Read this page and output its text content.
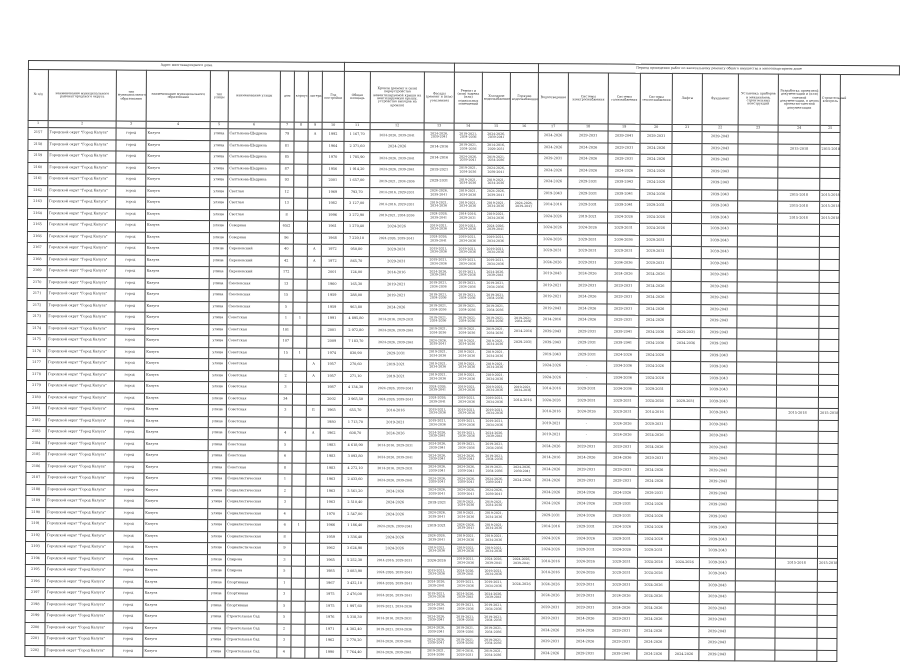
Адрес многоквартирного дома																Период проведения работ по капитальному ремонту общего имущества в многоквартирном доме								
№ п/п	наименование муниципального района/городского округа	тип муниципального образования	наименование муниципального образования	тип улицы	наименование улицы	дом	корпус	литера	Год постройки	Общая площадь	Кровли (ремонт и (или) переустройство невентилируемой крыши на вентилируемую крышу, устройство выходов на кровлю)	Фасады (ремонт и (или) утепление)	Ремонт и (или) замена (или) подвальных помещений	Холодное водоснабжение	Горячее водоснабжение	Водоотведение	Системы электроснабжения	Системы газоснабжения	Системы теплоснабжения	Лифты	Фундамент	Установка приборов и механизмов, строительных конструкций	Разработка проектной документации и (или) сметной документации, в целях проектно-сметной документации	Строительный контроль
1	2	3	4	5	6	7	8	9	10	11	12	13	14	15	16	17	18	19	20	21	22	23	24	25
2157	Городской округ "Город Калуга"	город	Калуга	улица	Салтыкова-Щедрина	79		А	1992	1 167,70	2024-2026, 2039-2041	2024-2026, 2039-2041	2019-2021, 2034-2036	2024-2026, 2039-2041		2024-2026	2029-2031	2039-2041	2029-2031		2039-2043			
2158	Городской округ "Город Калуга"	город	Калуга	улица	Салтыкова-Щедрина	81			1964	2 371,60	2024-2026	2014-2016	2019-2021, 2034-2036	2014-2016, 2029-2031		2024-2026	2024-2026	2029-2031	2024-2026		2039-2043		2015-2018	2015-2018
2159	Городской округ "Город Калуга"	город	Калуга	улица	Салтыкова-Щедрина	85			1970	1 785,90	2024-2026, 2039-2041	2014-2016	2024-2026, 2039-2041	2019-2021, 2034-2036		2029-2031	2024-2026	2029-2031	2024-2026		2039-2043			
2160	Городской округ "Город Калуга"	город	Калуга	улица	Салтыкова-Щедрина	87			1956	1 914,20	2024-2026, 2039-2041	2019-2021	2019-2021, 2034-2036	2024-2026, 2039-2041		2024-2026	2024-2026	2024-2026	2024-2026		2039-2043			
2161	Городской округ "Город Калуга"	город	Калуга	улица	Салтыкова-Щедрина	93			2001	1 657,00	2019-2021, 2034-2036	2029-2031	2019-2021, 2034-2036	2019-2021, 2034-2036		2024-2026	2029-2031	2039-2043	2024-2026		2039-2043			
2162	Городской округ "Город Калуга"	город	Калуга	улица	Светлая	12			1969	793,70	2014-2016, 2029-2031	2024-2026, 2039-2041	2019-2021, 2034-2036	2024-2026, 2039-2041		2019-2043	2029-2031	2039-2041	2034-2036		2039-2043		2015-2018	2015-2018
2163	Городской округ "Город Калуга"	город	Калуга	улица	Светлая	13			1982	3 127,00	2014-2016, 2029-2031	2019-2021, 2034-2036	2019-2021, 2034-2036	2019-2021, 2034-2036	2024-2026, 2039-2041	2014-2016	2029-2031	2039-2041	2029-2031		2039-2043		2015-2018	2015-2018
2164	Городской округ "Город Калуга"	город	Калуга	улица	Светлая	8			1996	3 272,90	2019-2021, 2034-2036	2024-2026, 2039-2041	2014-2016, 2029-2031	2019-2021, 2034-2036		2024-2026	2019-2021	2024-2026	2024-2026		2039-2043		2015-2018	2015-2018
2165	Городской округ "Город Калуга"	город	Калуга	улица	Северная	65/2			1961	1 270,40	2024-2026	2019-2021, 2034-2036	2019-2021, 2034-2036	2024-2026, 2039-2041		2024-2026	2024-2026	2029-2031	2024-2026		2039-2043			
2166	Городской округ "Город Калуга"	город	Калуга	улица	Северная	96			1968	7 229,10	2024-2026, 2039-2041	2024-2026, 2039-2041	2019-2021, 2034-2036	2019-2021, 2034-2036		2024-2026	2029-2031	2034-2036	2029-2031		2039-2043			
2167	Городской округ "Город Калуга"	город	Калуга	улица	Сиреневский	40		А	1972	950,80	2029-2031	2019-2021, 2034-2036	2019-2021, 2034-2036	2019-2021, 2034-2036		2029-2031	2029-2031	2029-2031	2029-2031		2039-2043			
2168	Городской округ "Город Калуга"	город	Калуга	улица	Сиреневский	42		А	1972	865,70	2029-2031	2019-2021, 2034-2036	2019-2021, 2034-2036	2019-2021, 2034-2036		2024-2026	2029-2031	2034-2036	2029-2031		2039-2043			
2169	Городской округ "Город Калуга"	город	Калуга	улица	Сиреневский	172			2001	124,00	2014-2016	2024-2026, 2039-2041	2019-2021, 2034-2036	2024-2026, 2039-2041		2019-2043	2024-2026	2024-2026	2024-2026		2039-2043			
2170	Городской округ "Город Калуга"	город	Калуга	улица	Смоленская	13			1960	165,30	2019-2021	2019-2021, 2034-2036	2019-2021, 2034-2036	2019-2021, 2034-2036		2019-2021	2029-2031	2029-2031	2024-2026		2039-2043			
2171	Городской округ "Город Калуга"	город	Калуга	улица	Смоленская	15			1959	288,00	2019-2021	2019-2021, 2034-2036	2019-2021, 2034-2036	2019-2021, 2034-2036		2019-2021	2024-2026	2029-2031	2024-2026		2039-2043			
2172	Городской округ "Город Калуга"	город	Калуга	улица	Смоленская	5			1959	963,80	2024-2026	2019-2021, 2034-2036	2019-2021, 2034-2036	2019-2021, 2034-2036		2019-2043	2024-2026	2029-2031	2024-2026		2039-2043			
2173	Городской округ "Город Калуга"	город	Калуга	улица	Советская	1	1		1991	4 895,80	2014-2016, 2029-2031	2019-2021, 2034-2036	2019-2021, 2034-2036	2019-2021, 2034-2036	2019-2021, 2034-2036	2014-2016	2024-2026	2029-2031	2024-2026		2039-2043			
2174	Городской округ "Город Калуга"	город	Калуга	улица	Советская	101			2001	2 972,80	2024-2026, 2039-2041	2019-2021, 2034-2036	2019-2021, 2034-2036	2019-2021, 2034-2036	2014-2016	2039-2043	2029-2031	2039-2041	2034-2036	2029-2031	2039-2043			
2175	Городской округ "Город Калуга"	город	Калуга	улица	Советская	107			2009	7 183,70	2024-2026, 2039-2041	2024-2026, 2039-2041	2019-2021, 2034-2036	2019-2021, 2034-2036	2029-2031	2039-2043	2029-2031	2039-2041	2034-2036	2034-2036	2039-2043			
2176	Городской округ "Город Калуга"	город	Калуга	улица	Советская	15	1		1974	830,90	2029-2031	2019-2021, 2034-2036	2019-2021, 2034-2036	2019-2021, 2034-2036		2019-2043	2029-2031	2024-2026	2024-2026		2039-2043			
2177	Городской округ "Город Калуга"	город	Калуга	улица	Советская			А	1957	270,60	2019-2021	2019-2021, 2034-2036	2019-2021, 2034-2036	2019-2021, 2034-2036		2024-2026	-	2034-2036	2024-2026		2039-2043			
2178	Городской округ "Город Калуга"	город	Калуга	улица	Советская	2		А	1957	271,10	2019-2021	2019-2021, 2034-2036	2019-2021, 2034-2036	2019-2021, 2034-2036		2024-2026	-	2034-2036	2024-2026		2039-2043			
2179	Городской округ "Город Калуга"	город	Калуга	улица	Советская	3			1987	4 134,30	2024-2026, 2039-2041	2024-2026, 2039-2041	2019-2021, 2034-2036	2019-2021, 2034-2036	2019-2021, 2034-2036	2014-2016	2029-2031	2034-2036	2029-2031		2039-2043			
2180	Городской округ "Город Калуга"	город	Калуга	улица	Советская	34			2002	3 965,50	2024-2026, 2039-2041	2024-2026, 2039-2041	2019-2021, 2034-2036	2019-2021, 2034-2036	2014-2016	2024-2026	2029-2031	2029-2031	2024-2026	2029-2031	2039-2043			
2181	Городской округ "Город Калуга"	город	Калуга	улица	Советская	3		Б	1965	655,70	2014-2016	2019-2021, 2034-2036	2019-2021, 2034-2036	2019-2021, 2034-2036		2014-2016	2024-2026	2029-2031	2014-2016		2039-2043		2015-2018	2015-2018
2182	Городской округ "Город Калуга"	город	Калуга	улица	Советская				1980	1 713,70	2019-2021	2019-2021, 2034-2036	2019-2021, 2034-2036	2019-2021, 2034-2036		2019-2021	-	2024-2026	2029-2031		2039-2043			
2183	Городской округ "Город Калуга"	город	Калуга	улица	Советская	4		А	1962	608,70	2024-2026	2024-2026, 2039-2041	2019-2021, 2034-2036	2024-2026, 2039-2041		2019-2021	-	2024-2026	2024-2026		2039-2043			
2184	Городской округ "Город Калуга"	город	Калуга	улица	Советская	5			1983	4 618,90	2014-2016, 2029-2031	2024-2026, 2039-2041	2019-2021, 2034-2036	2019-2021, 2034-2036		2024-2026	2029-2031	2029-2031	2024-2026		2039-2043			
2185	Городской округ "Город Калуга"	город	Калуга	улица	Советская	6			1983	3 093,80	2024-2026, 2039-2041	2024-2026, 2039-2041	2024-2026, 2039-2041	2019-2021, 2034-2036		2014-2016	2024-2026	2034-2036	2029-2031		2039-2043			
2186	Городской округ "Город Калуга"	город	Калуга	улица	Советская	8			1983	4 272,10	2014-2016, 2029-2031	2024-2026, 2039-2041	2024-2026, 2039-2041	2019-2021, 2034-2036	2024-2026, 2039-2041	2024-2026	2029-2031	2029-2031	2024-2026		2039-2043			
2187	Городской округ "Город Калуга"	город	Калуга	улица	Социалистическая	1			1963	2 433,60	2024-2026, 2039-2041	2024-2026, 2039-2041	2024-2026, 2039-2041	2024-2026, 2039-2041	2024-2026	2024-2026	2029-2031	2029-2031	2024-2026		2039-2043			
2188	Городской округ "Город Калуга"	город	Калуга	улица	Социалистическая	2			1963	3 561,20	2024-2026	2024-2026, 2039-2041	2024-2026, 2039-2041	2024-2026, 2039-2041		2024-2026	2024-2026	2024-2026	2029-2031		2039-2043			
2189	Городской округ "Город Калуга"	город	Калуга	улица	Социалистическая	3			1963	2 510,40	2024-2026	2019-2021	2019-2021, 2034-2036	2019-2021, 2034-2036		2024-2026	2024-2026	2029-2031	2024-2026		2039-2043			
2190	Городской округ "Город Калуга"	город	Калуга	улица	Социалистическая	4			1970	2 547,00	2024-2026	2024-2026, 2039-2041	2019-2021, 2034-2036	2019-2021, 2034-2036		2029-2031	2024-2026	2029-2031	2024-2026		2039-2043			
2191	Городской округ "Город Калуга"	город	Калуга	улица	Социалистическая	6	1		1966	1 186,40	2024-2026, 2039-2041	2019-2021	2024-2026, 2039-2041	2019-2021, 2034-2036		2014-2016	2029-2031	2024-2026	2024-2026		2039-2043			
2192	Городской округ "Город Калуга"	город	Калуга	улица	Социалистическая	8			1959	1 336,40	2024-2026	2024-2026, 2039-2041	2019-2021, 2034-2036	2019-2021, 2034-2036		2024-2026	2024-2026	2029-2031	2024-2026		2039-2043			
2193	Городской округ "Город Калуга"	город	Калуга	улица	Социалистическая	9			1962	3 624,90	2024-2026	2019-2021, 2034-2036	2019-2021, 2034-2036	2019-2021, 2034-2036		2024-2026	2029-2031	2024-2026	2029-2031		2039-2043			
2194	Городской округ "Город Калуга"	город	Калуга	улица	Спирова	3			1965	5 252,30	2014-2016, 2029-2031	2024-2026	2019-2021, 2034-2036	2024-2026, 2039-2041	2024-2026, 2039-2041	2014-2016	2024-2026	2029-2031	2024-2026	2024-2026	2039-2043		2015-2018	2015-2018
2195	Городской округ "Город Калуга"	город	Калуга	улица	Спирова	5			1985	3 083,90	2024-2026, 2039-2041	2019-2021, 2034-2036	2024-2026, 2039-2041	2019-2021, 2034-2036		2014-2016	2024-2026	2029-2031	2024-2026		2039-2043			
2196	Городской округ "Город Калуга"	город	Калуга	улица	Спортивная	1			1967	3 432,10	2024-2026, 2039-2041	2024-2026, 2039-2041	2019-2021, 2034-2036	2019-2021, 2034-2036	2024-2026	2024-2026	2029-2031	2029-2031	2024-2026		2039-2043			
2197	Городской округ "Город Калуга"	город	Калуга	улица	Спортивная	3			1975	2 476,00	2024-2026, 2039-2041	2019-2021, 2034-2036	2024-2026, 2039-2041	2024-2026, 2039-2041		2024-2026	2029-2031	2024-2026	2024-2026		2039-2043			
2198	Городской округ "Город Калуга"	город	Калуга	улица	Спортивная	5			1975	1 997,60	2019-2021, 2034-2036	2024-2026, 2039-2041	2019-2021, 2034-2036	2019-2021, 2034-2036		2029-2031	2029-2031	2024-2026	2024-2026		2039-2043			
2199	Городской округ "Город Калуга"	город	Калуга	улица	Строительная Сад	5			1976	5 318,30	2014-2016, 2029-2031	2024-2026, 2039-2041	2019-2021, 2034-2036	2019-2021, 2034-2036		2029-2031	2024-2026	2029-2031	2024-2026		2039-2043			
2200	Городской округ "Город Калуга"	город	Калуга	улица	Строительная Сад	2			1971	4 302,40	2019-2021, 2034-2036	2024-2026, 2039-2041	2019-2021, 2034-2036	2019-2021, 2034-2036		2024-2026	2024-2026	2029-2031	2024-2026		2039-2043			
2201	Городской округ "Город Калуга"	город	Калуга	улица	Строительная Сад	3			1962	2 770,20	2024-2026, 2039-2041	2024-2026, 2039-2041	2019-2021, 2034-2036	2019-2021, 2034-2036		2029-2031	2024-2026	2029-2031	2024-2026		2039-2043			
2202	Городской округ "Город Калуга"	город	Калуга	улица	Строительная Сад	4			1990	7 764,40	2024-2026, 2039-2041	2019-2021, 2034-2036	2014-2016, 2029-2031	2019-2021, 2034-2036		2024-2026	2029-2031	2039-2041	2024-2026	2024-2026	2039-2043			
